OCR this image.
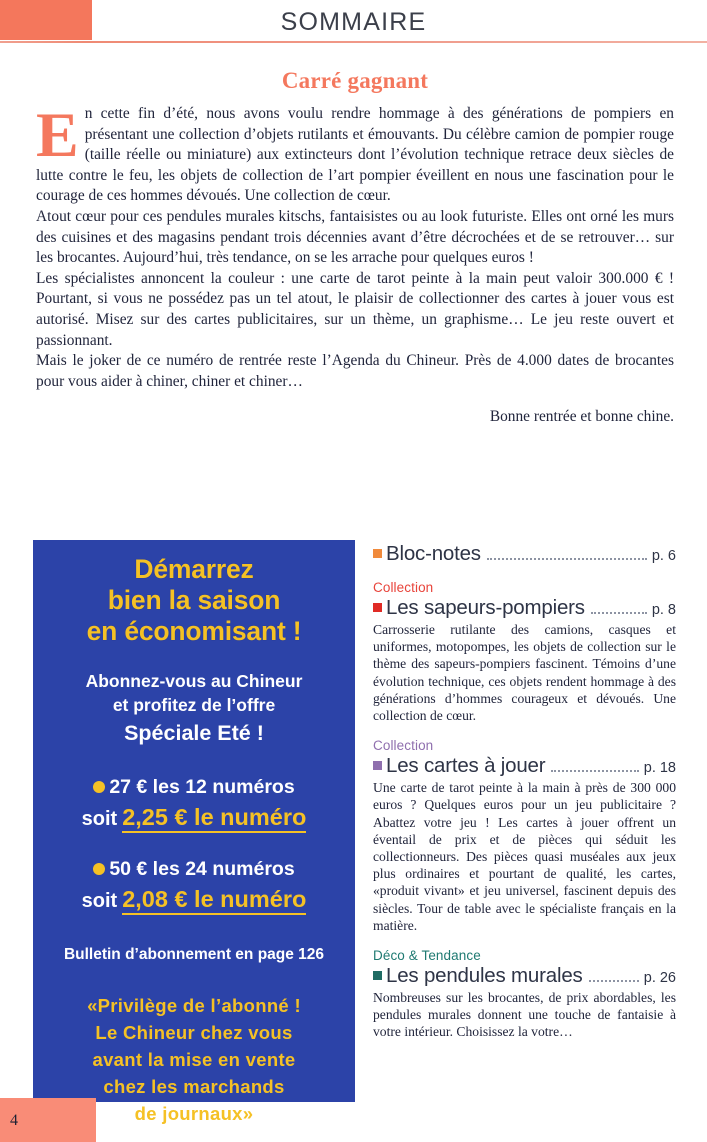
SOMMAIRE
Carré gagnant

En cette fin d’été, nous avons voulu rendre hommage à des générations de pompiers en présentant une collection d’objets rutilants et émouvants. Du célèbre camion de pompier rouge (taille réelle ou miniature) aux extincteurs dont l’évolution technique retrace deux siècles de lutte contre le feu, les objets de collection de l’art pompier éveillent en nous une fascination pour le courage de ces hommes dévoués. Une collection de cœur.

Atout cœur pour ces pendules murales kitschs, fantaisistes ou au look futuriste. Elles ont orné les murs des cuisines et des magasins pendant trois décennies avant d’être décrochées et de se retrouver… sur les brocantes. Aujourd’hui, très tendance, on se les arrache pour quelques euros !

Les spécialistes annoncent la couleur : une carte de tarot peinte à la main peut valoir 300.000 € ! Pourtant, si vous ne possédez pas un tel atout, le plaisir de collectionner des cartes à jouer vous est autorisé. Misez sur des cartes publicitaires, sur un thème, un graphisme… Le jeu reste ouvert et passionnant.

Mais le joker de ce numéro de rentrée reste l’Agenda du Chineur. Près de 4.000 dates de brocantes pour vous aider à chiner, chiner et chiner…

Bonne rentrée et bonne chine.
Démarrez
bien la saison
en économisant !
Abonnez-vous au Chineur
et profitez de l’offre
Spéciale Eté !
27 € les 12 numéros
soit 2,25 € le numéro
50 € les 24 numéros
soit 2,08 € le numéro
Bulletin d’abonnement en page 126
«Privilège de l’abonné !
Le Chineur chez vous
avant la mise en vente
chez les marchands
de journaux»
Bloc-notes	p. 6
Collection
Les sapeurs-pompiers	p. 8
Carrosserie rutilante des camions, casques et uniformes, motopompes, les objets de collection sur le thème des sapeurs-pompiers fascinent. Témoins d’une évolution technique, ces objets rendent hommage à des générations d’hommes courageux et dévoués. Une collection de cœur.
Collection
Les cartes à jouer	p. 18
Une carte de tarot peinte à la main à près de 300 000 euros ? Quelques euros pour un jeu publicitaire ? Abattez votre jeu ! Les cartes à jouer offrent un éventail de prix et de pièces qui séduit les collectionneurs. Des pièces quasi muséales aux jeux plus ordinaires et pourtant de qualité, les cartes, «produit vivant» et jeu universel, fascinent depuis des siècles. Tour de table avec le spécialiste français en la matière.
Déco & Tendance
Les pendules murales	p. 26
Nombreuses sur les brocantes, de prix abordables, les pendules murales donnent une touche de fantaisie à votre intérieur. Choisissez la votre…
4
